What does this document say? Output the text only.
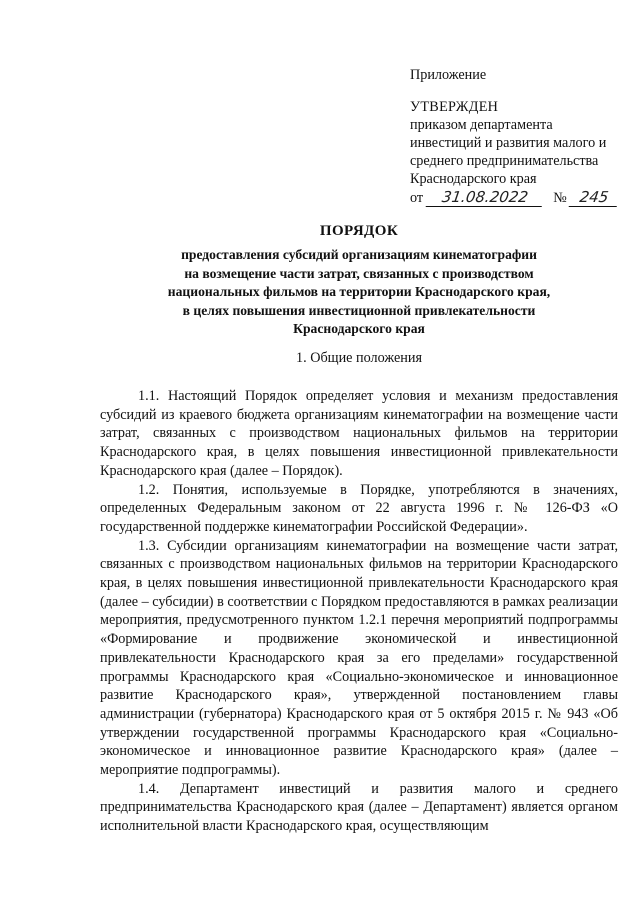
Приложение

УТВЕРЖДЕН

приказом департамента

инвестиций и развития малого и

среднего предпринимательства

Краснодарского края

от 31.08.2022 № 245

ПОРЯДОК

предоставления субсидий организациям кинематографии

на возмещение части затрат, связанных с производством

национальных фильмов на территории Краснодарского края,

в целях повышения инвестиционной привлекательности

Краснодарского края

1. Общие положения

1.1. Настоящий Порядок определяет условия и механизм предоставления субсидий из краевого бюджета организациям кинематографии на возмещение части затрат, связанных с производством национальных фильмов на территории Краснодарского края, в целях повышения инвестиционной привлекательности Краснодарского края (далее – Порядок).

1.2. Понятия, используемые в Порядке, употребляются в значениях, определенных Федеральным законом от 22 августа 1996 г. № 126-ФЗ «О государственной поддержке кинематографии Российской Федерации».

1.3. Субсидии организациям кинематографии на возмещение части затрат, связанных с производством национальных фильмов на территории Краснодарского края, в целях повышения инвестиционной привлекательности Краснодарского края (далее – субсидии) в соответствии с Порядком предоставляются в рамках реализации мероприятия, предусмотренного пунктом 1.2.1 перечня мероприятий подпрограммы «Формирование и продвижение экономической и инвестиционной привлекательности Краснодарского края за его пределами» государственной программы Краснодарского края «Социально-экономическое и инновационное развитие Краснодарского края», утвержденной постановлением главы администрации (губернатора) Краснодарского края от 5 октября 2015 г. № 943 «Об утверждении государственной программы Краснодарского края «Социально-экономическое и инновационное развитие Краснодарского края» (далее – мероприятие подпрограммы).

1.4. Департамент инвестиций и развития малого и среднего предпринимательства Краснодарского края (далее – Департамент) является органом исполнительной власти Краснодарского края, осуществляющим
